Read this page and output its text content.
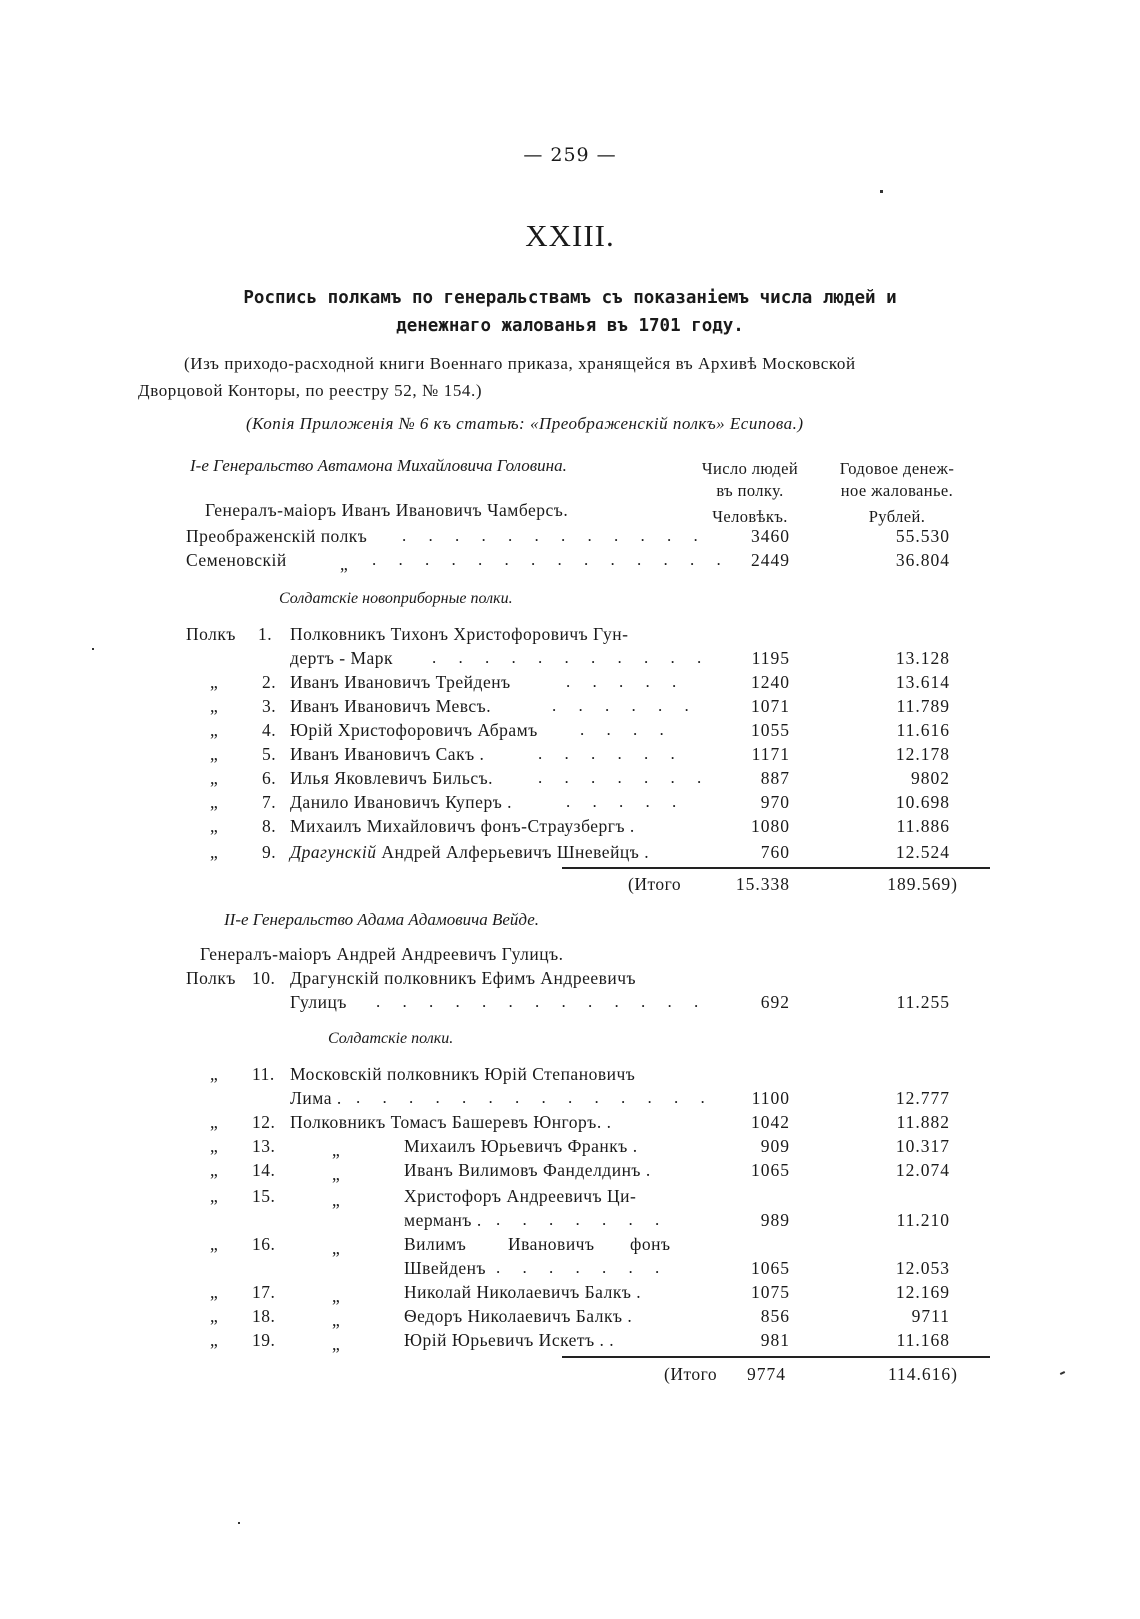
— 259 —
XXIII.
Роспись полкамъ по генеральствамъ съ показаніемъ числа людей и
денежнаго жалованья въ 1701 году.
(Изъ приходо-расходной книги Военнаго приказа, хранящейся въ Архивѣ Московской
Дворцовой Конторы, по реестру 52, № 154.)
(Копія Приложенія № 6 къ статьѣ: «Преображенскій полкъ» Есипова.)
I-е Генеральство Автамона Михайловича Головина.	Число людей
въ полку.
Человѣкъ.
Годовое денеж-
ное жалованье.
Рублей.
Генералъ-маіоръ Иванъ Ивановичъ Чамберсъ.
Преображенскій полкъ . . . . . . . . . . . .	3460	55.530
Семеновскій	„ . . . . . . . . . . . . . .	2449	36.804
Солдатскіе новоприборные полки.
Полкъ 1. Полковникъ Тихонъ Христофоровичъ Гун-
дертъ - Марк . . . . . . . . . . .	1195	13.128
„ 2. Иванъ Ивановичъ Трейденъ	. . . . .	1240	13.614
„ 3. Иванъ Ивановичъ Мевсъ.	. . . . . .	1071	11.789
„ 4. Юрій Христофоровичъ Абрамъ . . . .	1055	11.616
„ 5. Иванъ Ивановичъ Сакъ .	. . . . . .	1171	12.178
„ 6. Илья Яковлевичъ Бильсъ.	. . . . . . .	887	9802
„ 7. Данило Ивановичъ Куперъ .	. . . . .	970	10.698
„ 8. Михаилъ Михайловичъ фонъ-Страузбергъ .	1080	11.886
„ 9. Драгунскій Андрей Алферьевичъ Шневейцъ .	760	12.524
(Итого	15.338	189.569)
II-е Генеральство Адама Адамовича Вейде.
Генералъ-маіоръ Андрей Андреевичъ Гулицъ.
Полкъ 10. Драгунскій полковникъ Ефимъ Андреевичъ
Гулицъ . . . . . . . . . . . . .	692	11.255
Солдатскіе полки.
„ 11. Московскій полковникъ Юрій Степановичъ
Лима . . . . . . . . . . . . . . .	1100	12.777
„ 12. Полковникъ Томасъ Башеревъ Юнгоръ. .	1042	11.882
„ 13.	„	Михаилъ Юрьевичъ Франкъ .	909	10.317
„ 14.	„	Иванъ Вилимовъ Фанделдинъ .	1065	12.074
„ 15.	„	Христофоръ Андреевичъ Ци-
мерманъ . . . . . . . .	989	11.210
„ 16.	„	Вилимъ Ивановичъ фонъ
Швейденъ . . . . . . .	1065	12.053
„ 17.	„	Николай Николаевичъ Балкъ .	1075	12.169
„ 18.	„	Ѳедоръ Николаевичъ Балкъ .	856	9711
„ 19.	„	Юрій Юрьевичъ Искетъ . .	981	11.168
(Итого	9774	114.616)
